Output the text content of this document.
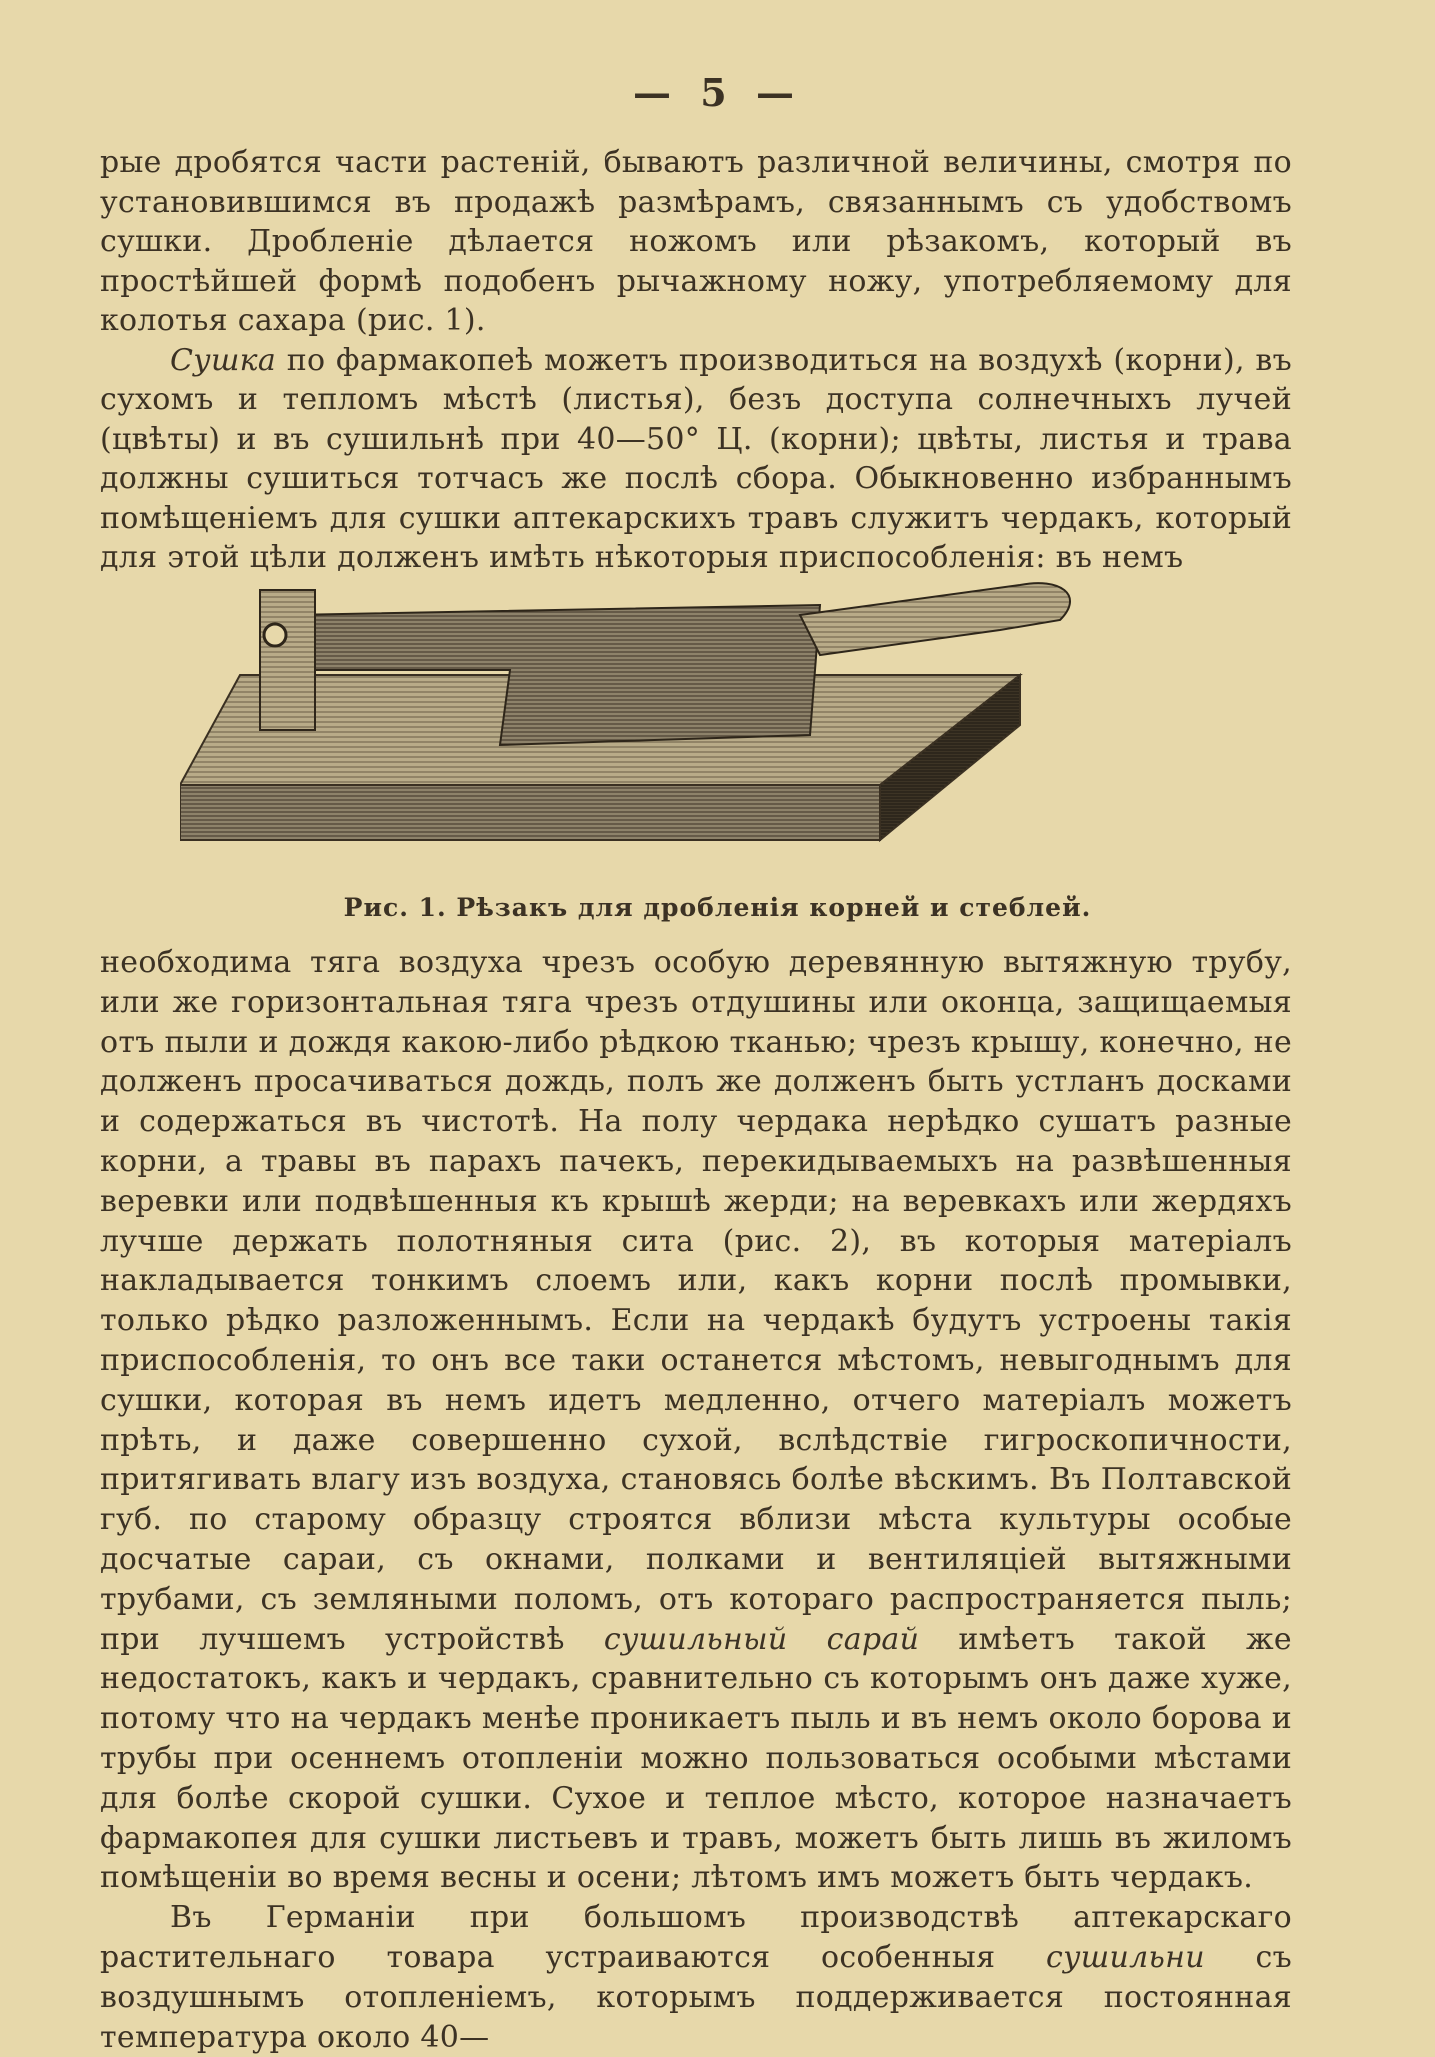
— 5 —

рые дробятся части растеній, бываютъ различной величины, смотря по установившимся въ продажѣ размѣрамъ, связаннымъ съ удобствомъ сушки. Дробленіе дѣлается ножомъ или рѣзакомъ, который въ простѣйшей формѣ подобенъ рычажному ножу, употребляемому для колотья сахара (рис. 1).

Сушка по фармакопеѣ можетъ производиться на воздухѣ (корни), въ сухомъ и тепломъ мѣстѣ (листья), безъ доступа солнечныхъ лучей (цвѣты) и въ сушильнѣ при 40—50° Ц. (корни); цвѣты, листья и трава должны сушиться тотчасъ же послѣ сбора. Обыкновенно избраннымъ помѣщеніемъ для сушки аптекарскихъ травъ служитъ чердакъ, который для этой цѣли долженъ имѣть нѣкоторыя приспособленія: въ немъ

Рис. 1. Рѣзакъ для дробленія корней и стеблей.

необходима тяга воздуха чрезъ особую деревянную вытяжную трубу, или же горизонтальная тяга чрезъ отдушины или оконца, защищаемыя отъ пыли и дождя какою-либо рѣдкою тканью; чрезъ крышу, конечно, не долженъ просачиваться дождь, полъ же долженъ быть устланъ досками и содержаться въ чистотѣ. На полу чердака нерѣдко сушатъ разные корни, а травы въ парахъ пачекъ, перекидываемыхъ на развѣшенныя веревки или подвѣшенныя къ крышѣ жерди; на веревкахъ или жердяхъ лучше держать полотняныя сита (рис. 2), въ которыя матеріалъ накладывается тонкимъ слоемъ или, какъ корни послѣ промывки, только рѣдко разложеннымъ. Если на чердакѣ будутъ устроены такія приспособленія, то онъ все таки останется мѣстомъ, невыгоднымъ для сушки, которая въ немъ идетъ медленно, отчего матеріалъ можетъ прѣть, и даже совершенно сухой, вслѣдствіе гигроскопичности, притягивать влагу изъ воздуха, становясь болѣе вѣскимъ. Въ Полтавской губ. по старому образцу строятся вблизи мѣста культуры особые досчатые сараи, съ окнами, полками и вентиляціей вытяжными трубами, съ земляными поломъ, отъ котораго распространяется пыль; при лучшемъ устройствѣ сушильный сарай имѣетъ такой же недостатокъ, какъ и чердакъ, сравнительно съ которымъ онъ даже хуже, потому что на чердакъ менѣе проникаетъ пыль и въ немъ около борова и трубы при осеннемъ отопленіи можно пользоваться особыми мѣстами для болѣе скорой сушки. Сухое и теплое мѣсто, которое назначаетъ фармакопея для сушки листьевъ и травъ, можетъ быть лишь въ жиломъ помѣщеніи во время весны и осени; лѣтомъ имъ можетъ быть чердакъ.

Въ Германіи при большомъ производствѣ аптекарскаго растительнаго товара устраиваются особенныя сушильни съ воздушнымъ отопленіемъ, которымъ поддерживается постоянная температура около 40—
